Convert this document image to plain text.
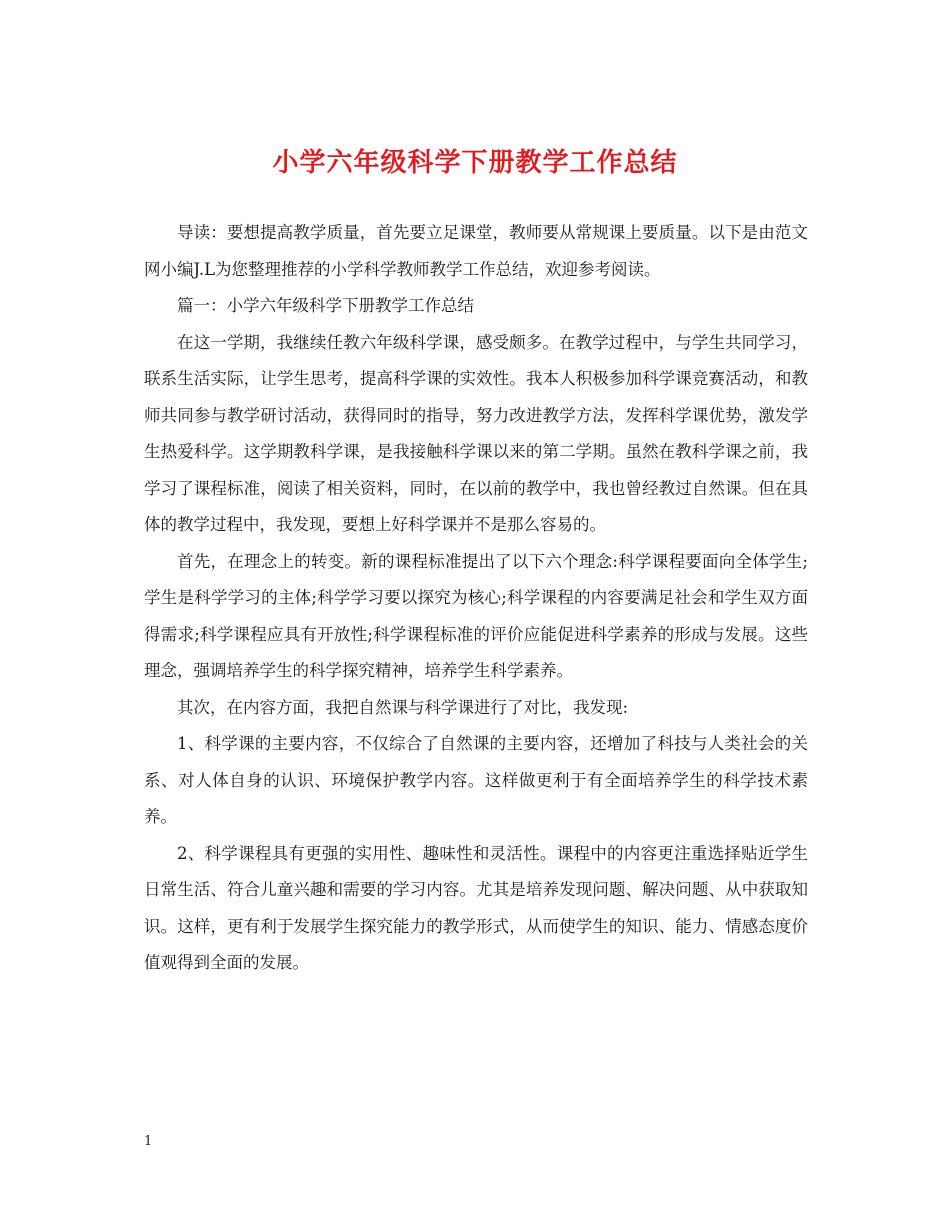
小学六年级科学下册教学工作总结

导读：要想提高教学质量，首先要立足课堂，教师要从常规课上要质量。以下是由范文网小编J.L为您整理推荐的小学科学教师教学工作总结，欢迎参考阅读。

篇一：小学六年级科学下册教学工作总结

在这一学期，我继续任教六年级科学课，感受颇多。在教学过程中，与学生共同学习，联系生活实际，让学生思考，提高科学课的实效性。我本人积极参加科学课竞赛活动，和教师共同参与教学研讨活动，获得同时的指导，努力改进教学方法，发挥科学课优势，激发学生热爱科学。这学期教科学课，是我接触科学课以来的第二学期。虽然在教科学课之前，我学习了课程标准，阅读了相关资料，同时，在以前的教学中，我也曾经教过自然课。但在具体的教学过程中，我发现，要想上好科学课并不是那么容易的。

首先，在理念上的转变。新的课程标准提出了以下六个理念:科学课程要面向全体学生;学生是科学学习的主体;科学学习要以探究为核心;科学课程的内容要满足社会和学生双方面得需求;科学课程应具有开放性;科学课程标准的评价应能促进科学素养的形成与发展。这些理念，强调培养学生的科学探究精神，培养学生科学素养。

其次，在内容方面，我把自然课与科学课进行了对比，我发现:

1、科学课的主要内容，不仅综合了自然课的主要内容，还增加了科技与人类社会的关系、对人体自身的认识、环境保护教学内容。这样做更利于有全面培养学生的科学技术素养。

2、科学课程具有更强的实用性、趣味性和灵活性。课程中的内容更注重选择贴近学生日常生活、符合儿童兴趣和需要的学习内容。尤其是培养发现问题、解决问题、从中获取知识。这样，更有利于发展学生探究能力的教学形式，从而使学生的知识、能力、情感态度价值观得到全面的发展。

1
